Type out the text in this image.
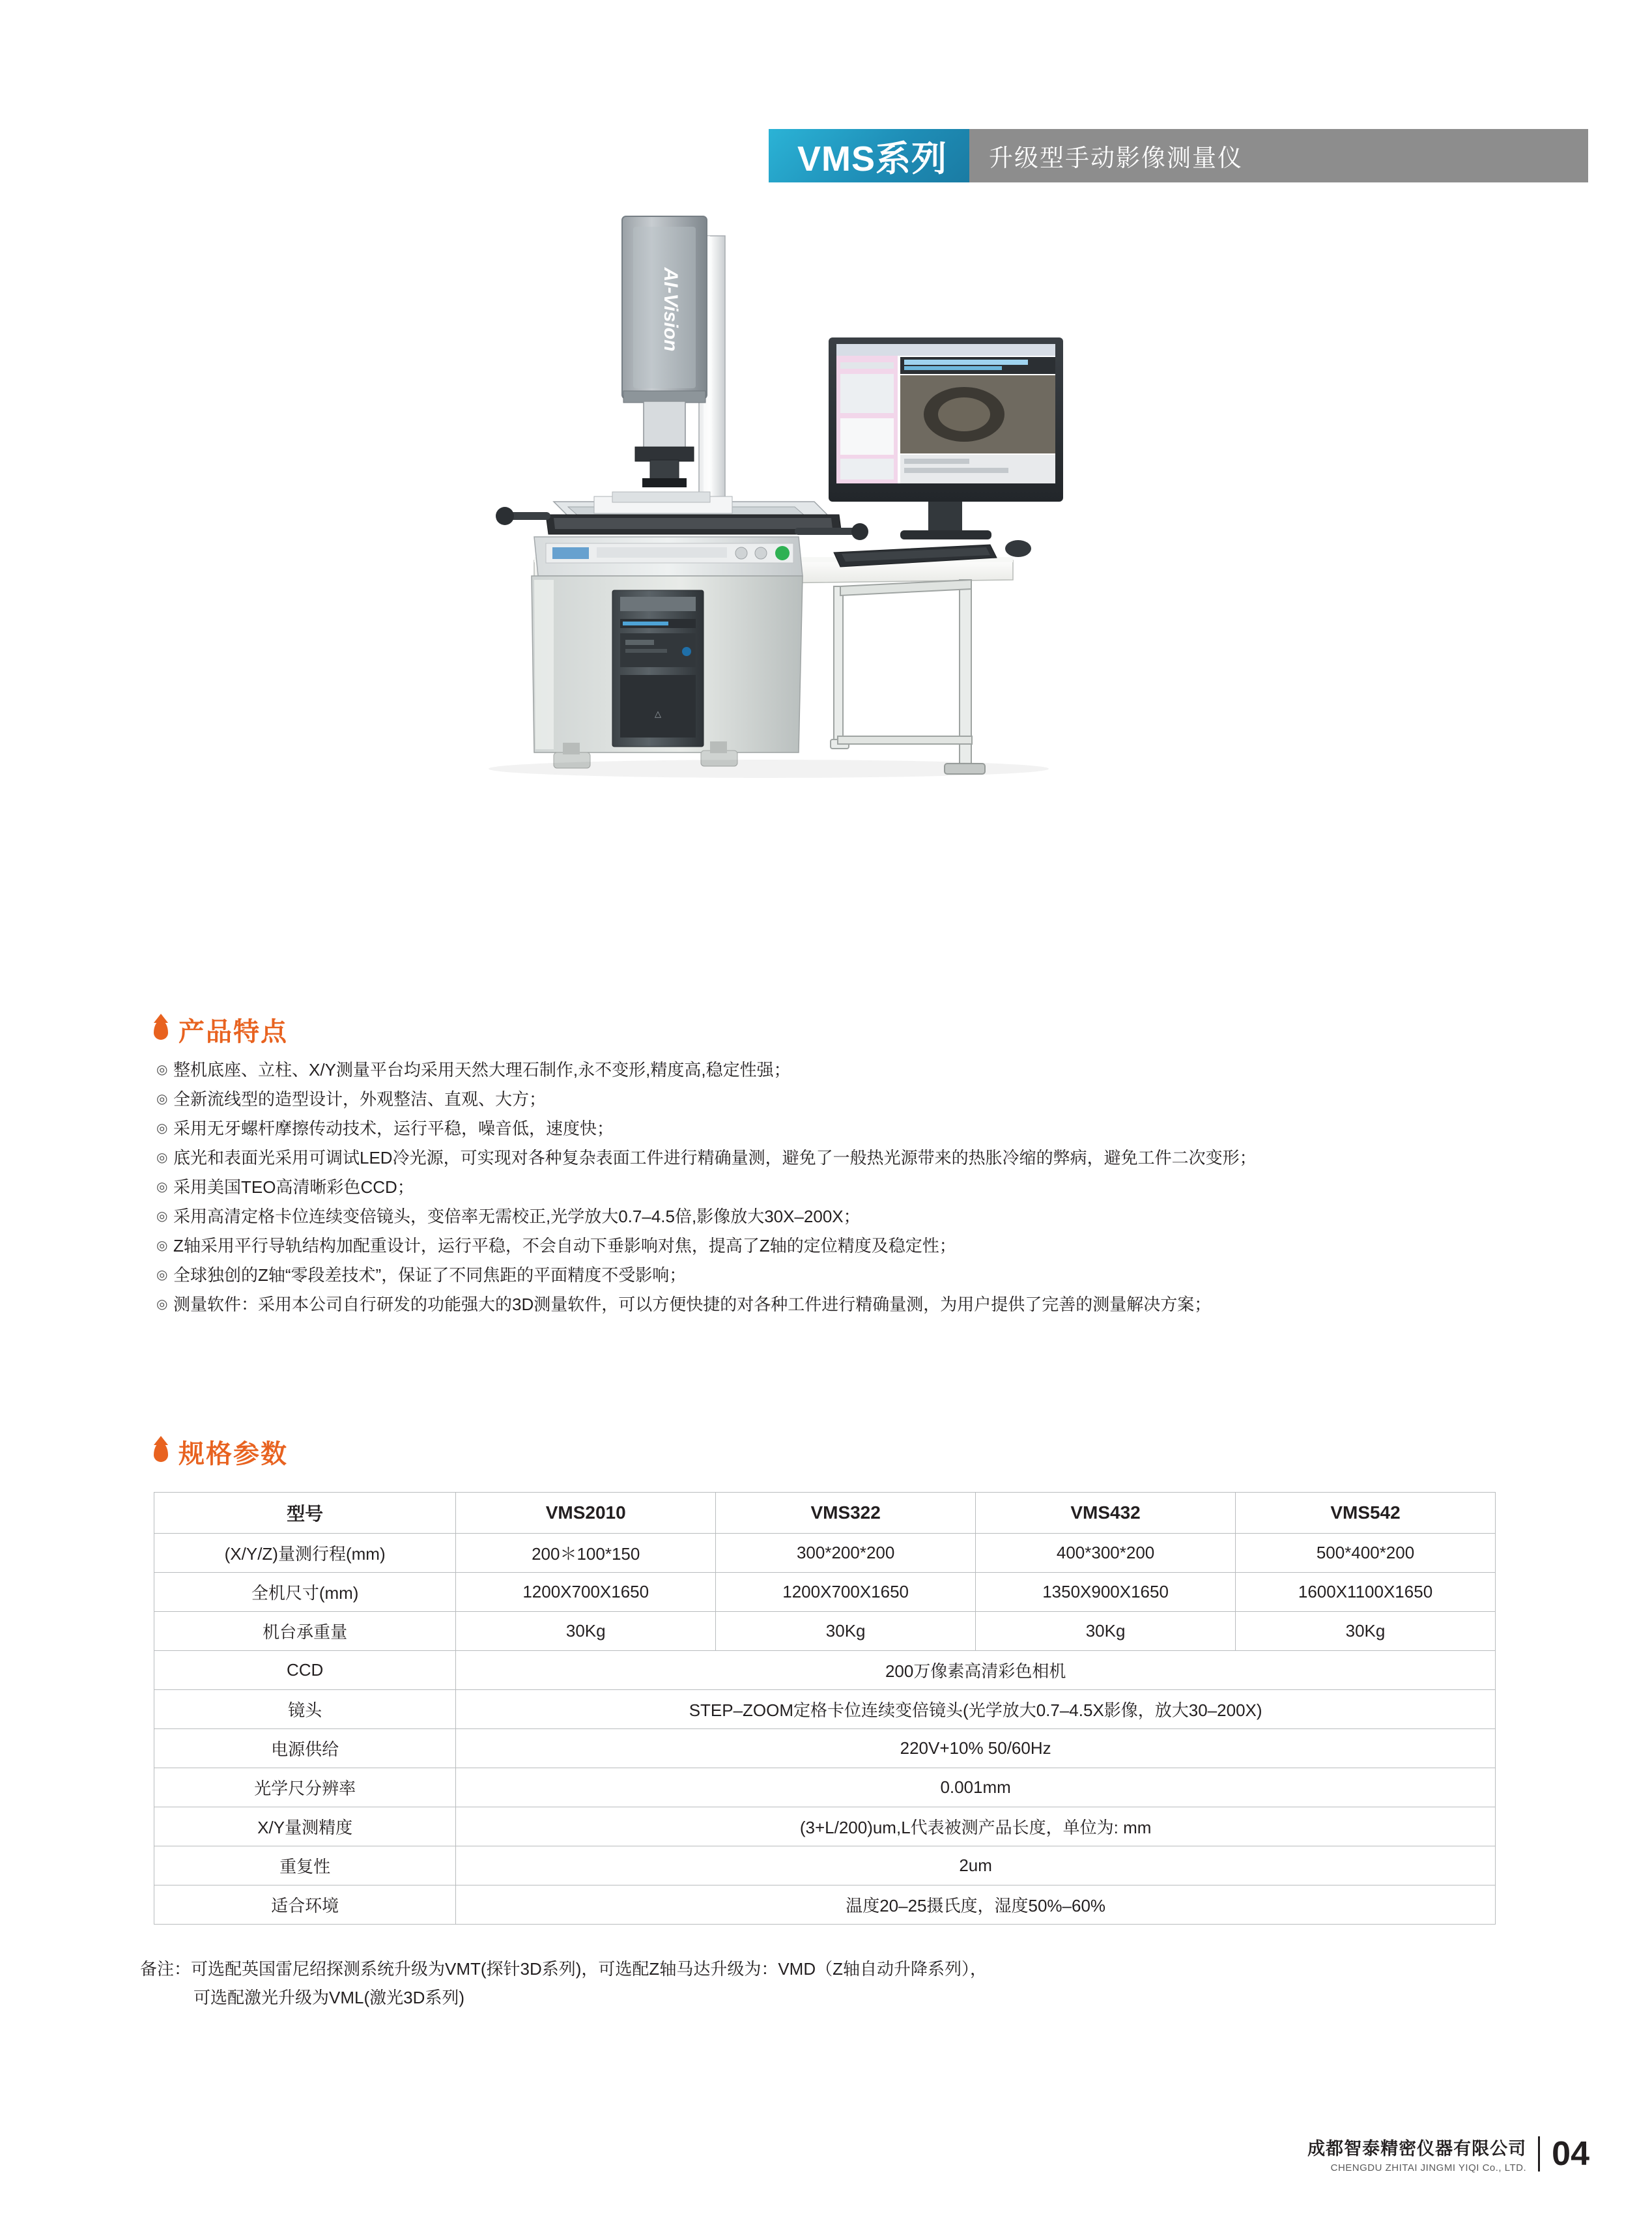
VMS系列 升级型手动影像测量仪
AI-Vision
△
产品特点
◎ 整机底座、立柱、X/Y测量平台均采用天然大理石制作,永不变形,精度高,稳定性强；
◎ 全新流线型的造型设计，外观整洁、直观、大方；
◎ 采用无牙螺杆摩擦传动技术，运行平稳，噪音低，速度快；
◎ 底光和表面光采用可调试LED冷光源，可实现对各种复杂表面工件进行精确量测，避免了一般热光源带来的热胀冷缩的弊病，避免工件二次变形；
◎ 采用美国TEO高清晰彩色CCD；
◎ 采用高清定格卡位连续变倍镜头，变倍率无需校正,光学放大0.7–4.5倍,影像放大30X–200X；
◎ Z轴采用平行导轨结构加配重设计，运行平稳，不会自动下垂影响对焦，提高了Z轴的定位精度及稳定性；
◎ 全球独创的Z轴“零段差技术”，保证了不同焦距的平面精度不受影响；
◎ 测量软件：采用本公司自行研发的功能强大的3D测量软件，可以方便快捷的对各种工件进行精确量测，为用户提供了完善的测量解决方案；
规格参数
型号	VMS2010	VMS322	VMS432	VMS542
(X/Y/Z)量测行程(mm)	200＊100*150	300*200*200	400*300*200	500*400*200
全机尺寸(mm)	1200X700X1650	1200X700X1650	1350X900X1650	1600X1100X1650
机台承重量	30Kg	30Kg	30Kg	30Kg
CCD	200万像素高清彩色相机			
镜头	STEP–ZOOM定格卡位连续变倍镜头(光学放大0.7–4.5X影像，放大30–200X)			
电源供给	220V+10% 50/60Hz			
光学尺分辨率	0.001mm			
X/Y量测精度	(3+L/200)um,L代表被测产品长度，单位为: mm			
重复性	2um			
适合环境	温度20–25摄氏度，湿度50%–60%			
备注：可选配英国雷尼绍探测系统升级为VMT(探针3D系列)，可选配Z轴马达升级为：VMD（Z轴自动升降系列），
可选配激光升级为VML(激光3D系列)
成都智泰精密仪器有限公司
CHENGDU ZHITAI JINGMI YIQI Co., LTD. 04
